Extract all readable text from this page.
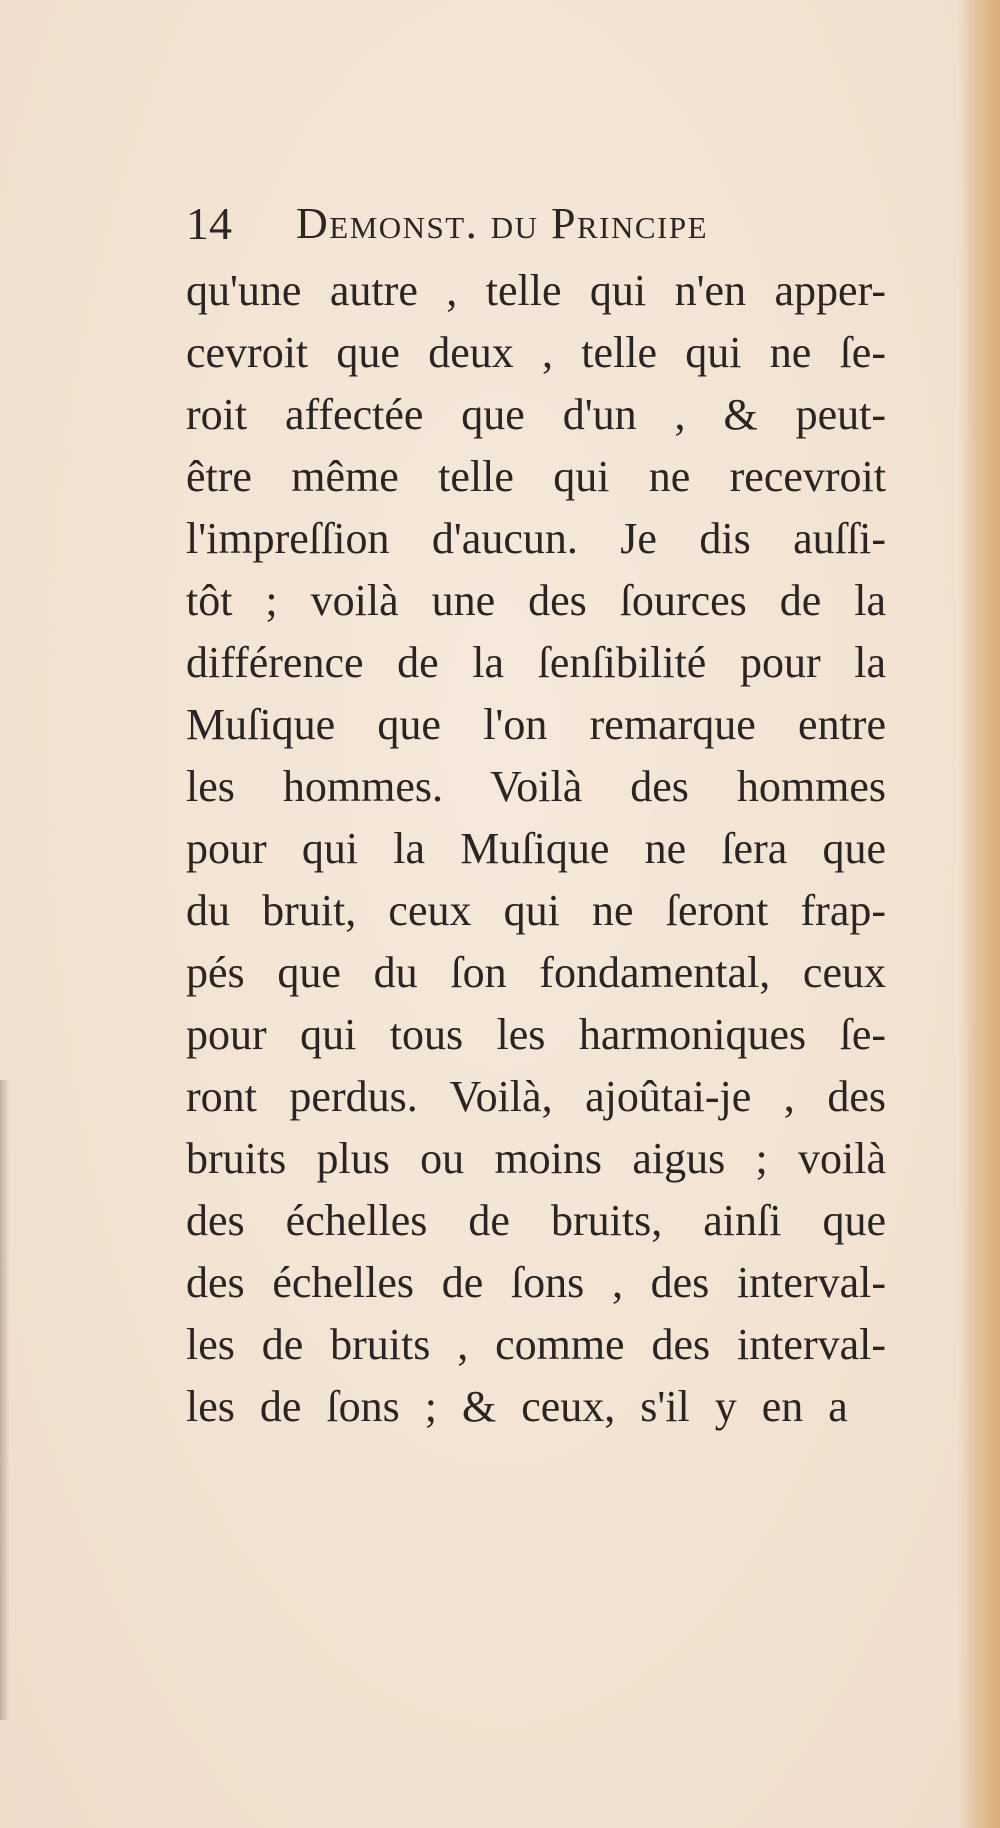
14 Demonst. du Principe
qu'une autre , telle qui n'en apper-
cevroit que deux , telle qui ne ſe-
roit affectée que d'un , & peut-
être même telle qui ne recevroit
l'impreſſion d'aucun. Je dis auſſi-
tôt ; voilà une des ſources de la
différence de la ſenſibilité pour la
Muſique que l'on remarque entre
les hommes. Voilà des hommes
pour qui la Muſique ne ſera que
du bruit, ceux qui ne ſeront frap-
pés que du ſon fondamental, ceux
pour qui tous les harmoniques ſe-
ront perdus. Voilà, ajoûtai-je , des
bruits plus ou moins aigus ; voilà
des échelles de bruits, ainſi que
des échelles de ſons , des interval-
les de bruits , comme des interval-
les de ſons ; & ceux, s'il y en a
